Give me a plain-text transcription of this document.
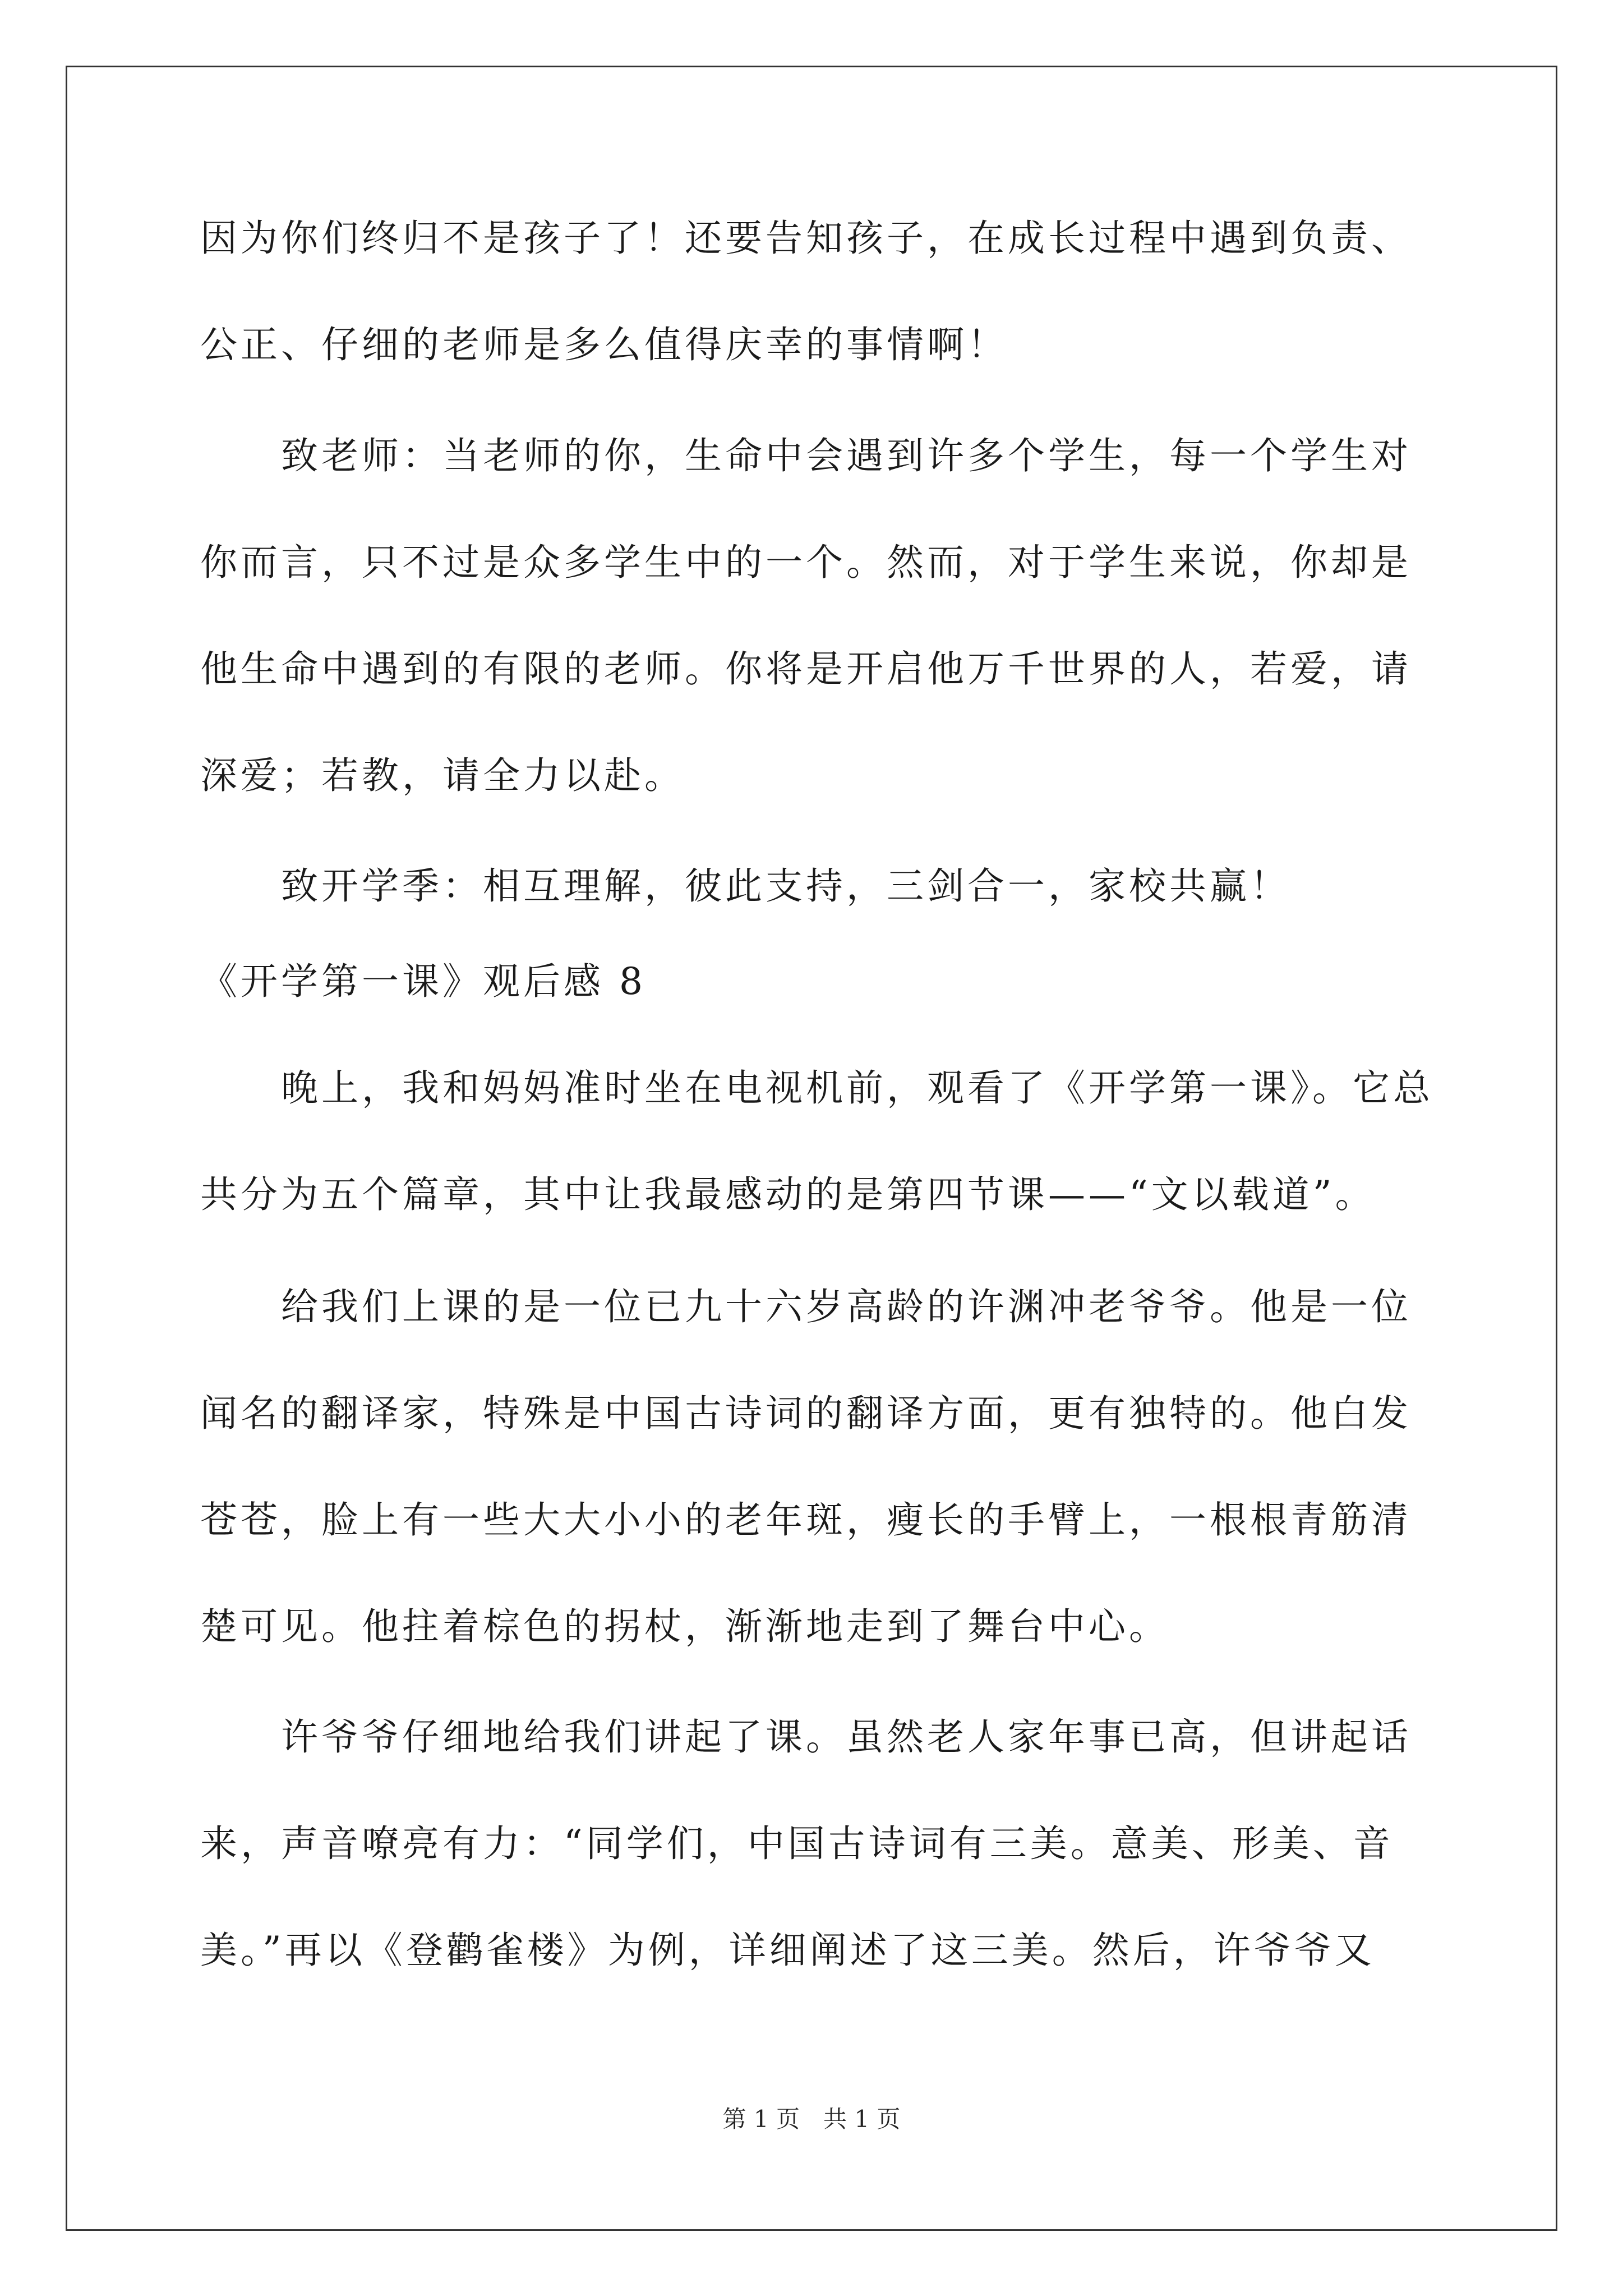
因为你们终归不是孩子了！还要告知孩子，在成长过程中遇到负责、
公正、仔细的老师是多么值得庆幸的事情啊！
致老师：当老师的你，生命中会遇到许多个学生，每一个学生对
你而言，只不过是众多学生中的一个。然而，对于学生来说，你却是
他生命中遇到的有限的老师。你将是开启他万千世界的人，若爱，请
深爱；若教，请全力以赴。
致开学季：相互理解，彼此支持，三剑合一，家校共赢！
《开学第一课》观后感 8
晚上，我和妈妈准时坐在电视机前，观看了《开学第一课》。它总
共分为五个篇章，其中让我最感动的是第四节课——“文以载道”。
给我们上课的是一位已九十六岁高龄的许渊冲老爷爷。他是一位
闻名的翻译家，特殊是中国古诗词的翻译方面，更有独特的。他白发
苍苍，脸上有一些大大小小的老年斑，瘦长的手臂上，一根根青筋清
楚可见。他拄着棕色的拐杖，渐渐地走到了舞台中心。
许爷爷仔细地给我们讲起了课。虽然老人家年事已高，但讲起话
来，声音嘹亮有力：“同学们，中国古诗词有三美。意美、形美、音
美。”再以《登鹳雀楼》为例，详细阐述了这三美。然后，许爷爷又
第 1 页　共 1 页
